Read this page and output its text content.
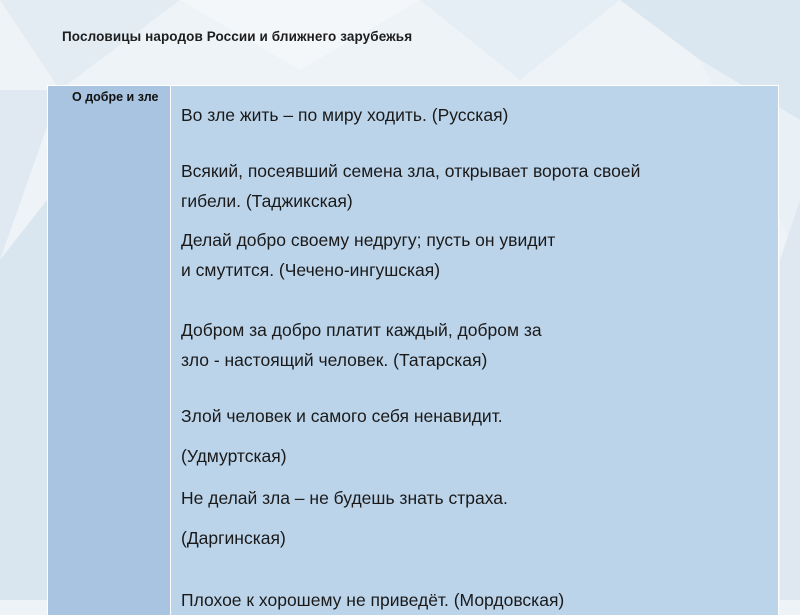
Пословицы народов России и ближнего зарубежья
О добре и зле
Во зле жить – по миру ходить. (Русская)
Всякий, посеявший семена зла, открывает ворота своей
гибели. (Таджикская)
Делай добро своему недругу; пусть он увидит
и смутится. (Чечено-ингушская)
Добром за добро платит каждый, добром за
зло - настоящий человек. (Татарская)
Злой человек и самого себя ненавидит.
(Удмуртская)
Не делай зла – не будешь знать страха.
(Даргинская)
Плохое к хорошему не приведёт. (Мордовская)
